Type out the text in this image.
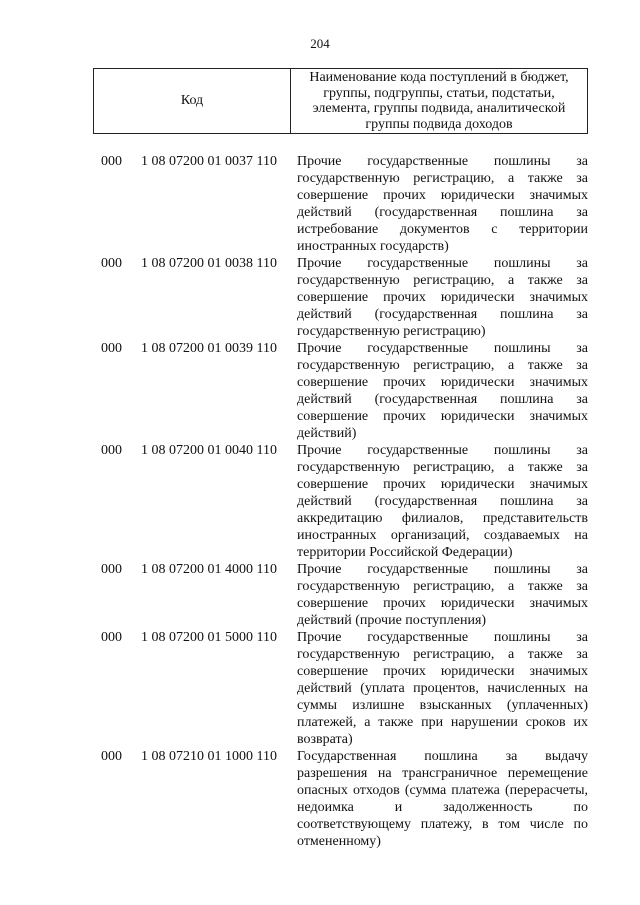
204
Код
Наименование кода поступлений в бюджет, группы, подгруппы, статьи, подстатьи, элемента, группы подвида, аналитической группы подвида доходов
000 1 08 07200 01 0037 110 Прочие государственные пошлины за государственную регистрацию, а также за совершение прочих юридически значимых действий (государственная пошлина за истребование документов с территории иностранных государств)
000 1 08 07200 01 0038 110 Прочие государственные пошлины за государственную регистрацию, а также за совершение прочих юридически значимых действий (государственная пошлина за государственную регистрацию)
000 1 08 07200 01 0039 110 Прочие государственные пошлины за государственную регистрацию, а также за совершение прочих юридически значимых действий (государственная пошлина за совершение прочих юридически значимых действий)
000 1 08 07200 01 0040 110 Прочие государственные пошлины за государственную регистрацию, а также за совершение прочих юридически значимых действий (государственная пошлина за аккредитацию филиалов, представительств иностранных организаций, создаваемых на территории Российской Федерации)
000 1 08 07200 01 4000 110 Прочие государственные пошлины за государственную регистрацию, а также за совершение прочих юридически значимых действий (прочие поступления)
000 1 08 07200 01 5000 110 Прочие государственные пошлины за государственную регистрацию, а также за совершение прочих юридически значимых действий (уплата процентов, начисленных на суммы излишне взысканных (уплаченных) платежей, а также при нарушении сроков их возврата)
000 1 08 07210 01 1000 110 Государственная пошлина за выдачу разрешения на трансграничное перемещение опасных отходов (сумма платежа (перерасчеты, недоимка и задолженность по соответствующему платежу, в том числе по отмененному)
